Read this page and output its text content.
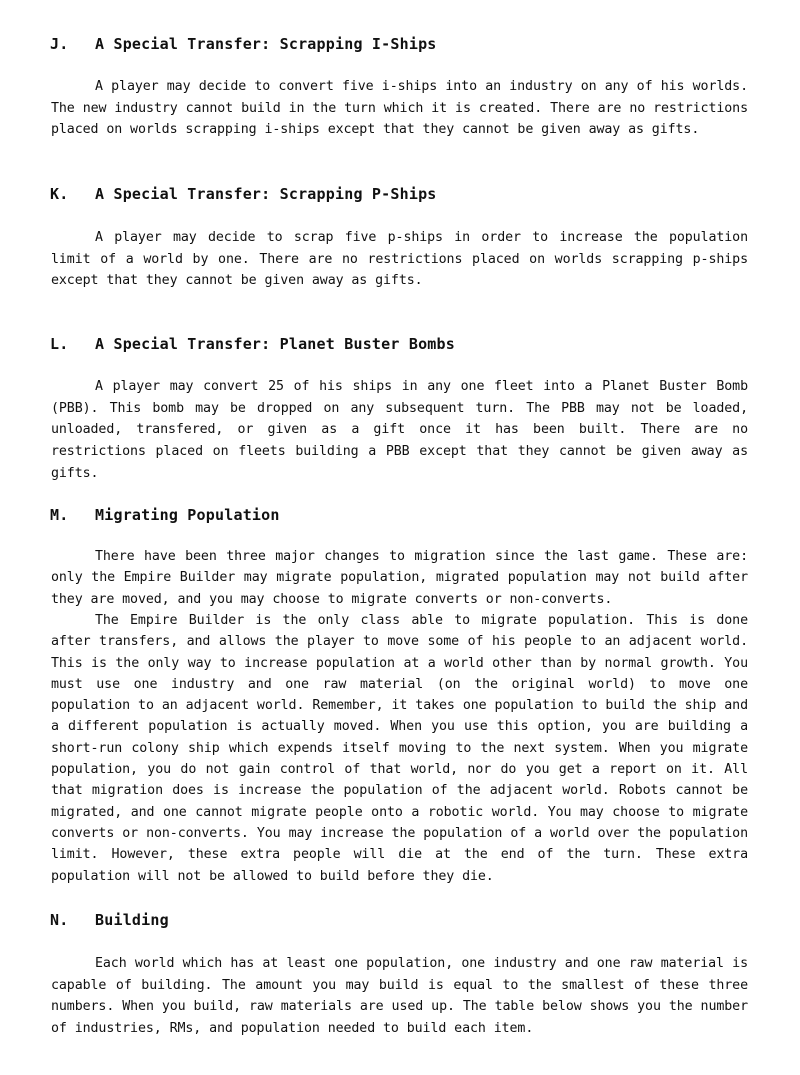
J. A Special Transfer: Scrapping I-Ships

A player may decide to convert five i-ships into an industry on any of his worlds. The new industry cannot build in the turn which it is created. There are no restrictions placed on worlds scrapping i-ships except that they cannot be given away as gifts.

K. A Special Transfer: Scrapping P-Ships

A player may decide to scrap five p-ships in order to increase the population limit of a world by one. There are no restrictions placed on worlds scrapping p-ships except that they cannot be given away as gifts.

L. A Special Transfer: Planet Buster Bombs

A player may convert 25 of his ships in any one fleet into a Planet Buster Bomb (PBB). This bomb may be dropped on any subsequent turn. The PBB may not be loaded, unloaded, transfered, or given as a gift once it has been built. There are no restrictions placed on fleets building a PBB except that they cannot be given away as gifts.

M. Migrating Population

There have been three major changes to migration since the last game. These are: only the Empire Builder may migrate population, migrated population may not build after they are moved, and you may choose to migrate converts or non-converts.

The Empire Builder is the only class able to migrate population. This is done after transfers, and allows the player to move some of his people to an adjacent world. This is the only way to increase population at a world other than by normal growth. You must use one industry and one raw material (on the original world) to move one population to an adjacent world. Remember, it takes one population to build the ship and a different population is actually moved. When you use this option, you are building a short-run colony ship which expends itself moving to the next system. When you migrate population, you do not gain control of that world, nor do you get a report on it. All that migration does is increase the population of the adjacent world. Robots cannot be migrated, and one cannot migrate people onto a robotic world. You may choose to migrate converts or non-converts. You may increase the population of a world over the population limit. However, these extra people will die at the end of the turn. These extra population will not be allowed to build before they die.

N. Building

Each world which has at least one population, one industry and one raw material is capable of building. The amount you may build is equal to the smallest of these three numbers. When you build, raw materials are used up. The table below shows you the number of industries, RMs, and population needed to build each item.
